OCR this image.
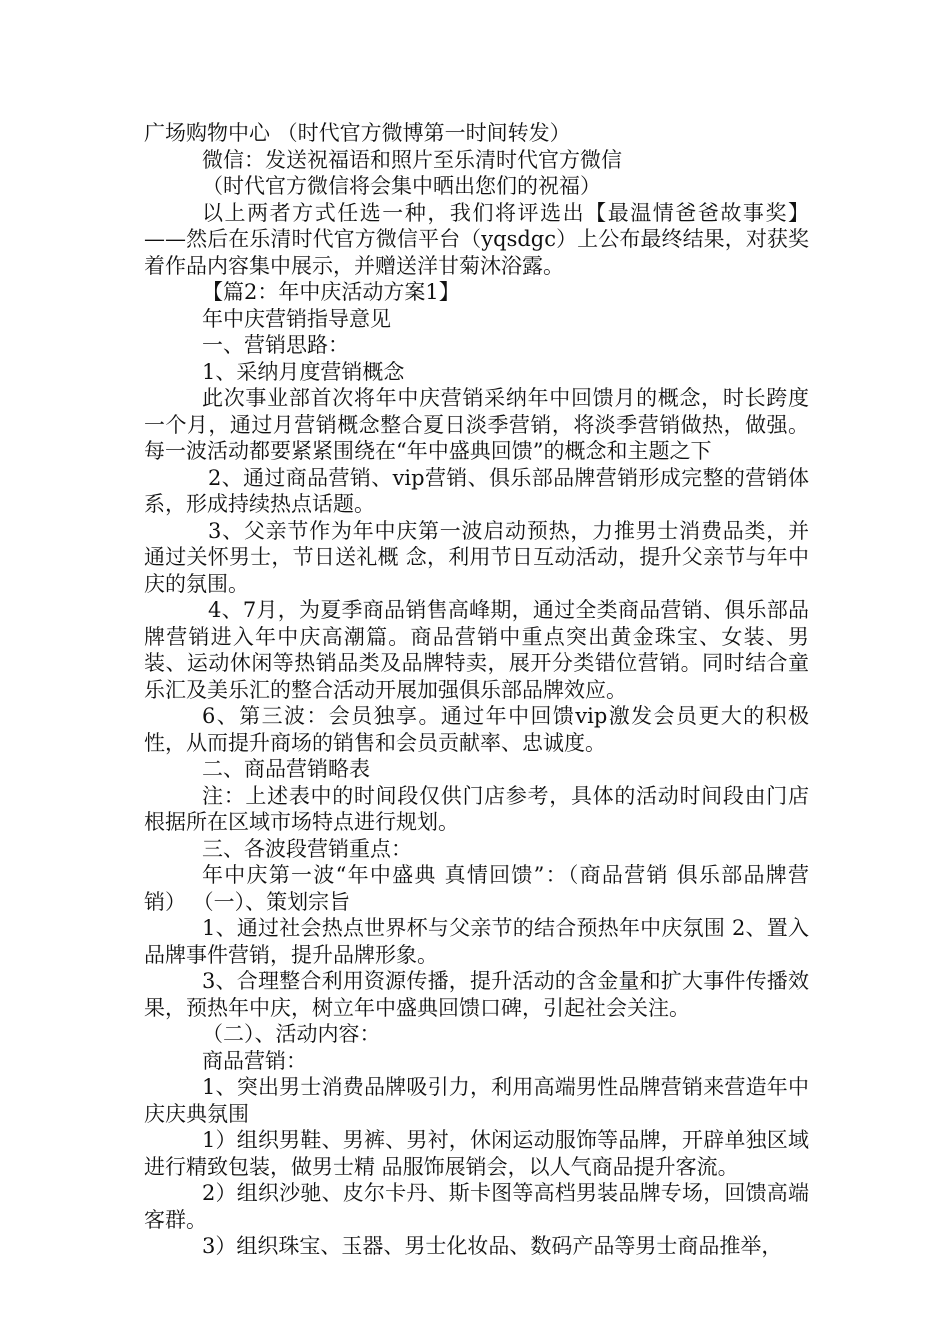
广场购物中心 （时代官方微博第一时间转发）

微信：发送祝福语和照片至乐清时代官方微信

（时代官方微信将会集中晒出您们的祝福）

以上两者方式任选一种，我们将评选出【最温情爸爸故事奖】——然后在乐清时代官方微信平台（yqsdgc）上公布最终结果，对获奖着作品内容集中展示，并赠送洋甘菊沐浴露。

【篇2：年中庆活动方案1】

年中庆营销指导意见

一、营销思路：

1、采纳月度营销概念

此次事业部首次将年中庆营销采纳年中回馈月的概念，时长跨度一个月，通过月营销概念整合夏日淡季营销，将淡季营销做热，做强。每一波活动都要紧紧围绕在“年中盛典回馈”的概念和主题之下

2、通过商品营销、vip营销、俱乐部品牌营销形成完整的营销体系，形成持续热点话题。

3、父亲节作为年中庆第一波启动预热，力推男士消费品类，并通过关怀男士，节日送礼概 念，利用节日互动活动，提升父亲节与年中庆的氛围。

4、7月，为夏季商品销售高峰期，通过全类商品营销、俱乐部品牌营销进入年中庆高潮篇。商品营销中重点突出黄金珠宝、女装、男装、运动休闲等热销品类及品牌特卖，展开分类错位营销。同时结合童乐汇及美乐汇的整合活动开展加强俱乐部品牌效应。

6、第三波：会员独享。通过年中回馈vip激发会员更大的积极性，从而提升商场的销售和会员贡献率、忠诚度。

二、商品营销略表

注：上述表中的时间段仅供门店参考，具体的活动时间段由门店根据所在区域市场特点进行规划。

三、各波段营销重点：

年中庆第一波“年中盛典 真情回馈”：（商品营销 俱乐部品牌营销） （一）、策划宗旨

1、通过社会热点世界杯与父亲节的结合预热年中庆氛围 2、置入品牌事件营销，提升品牌形象。

3、合理整合利用资源传播，提升活动的含金量和扩大事件传播效果，预热年中庆，树立年中盛典回馈口碑，引起社会关注。

（二）、活动内容：

商品营销：

1、突出男士消费品牌吸引力，利用高端男性品牌营销来营造年中庆庆典氛围

1）组织男鞋、男裤、男衬，休闲运动服饰等品牌，开辟单独区域进行精致包装，做男士精 品服饰展销会，以人气商品提升客流。

2）组织沙驰、皮尔卡丹、斯卡图等高档男装品牌专场，回馈高端客群。

3）组织珠宝、玉器、男士化妆品、数码产品等男士商品推举，
